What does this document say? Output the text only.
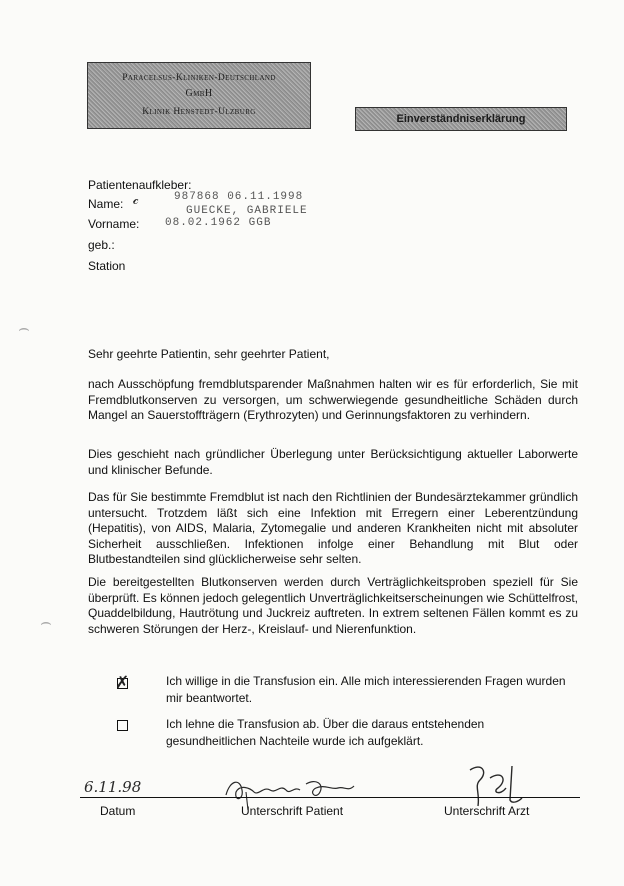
Paracelsus-Kliniken-Deutschland
GmbH
Klinik Henstedt-Ulzburg
Einverständniserklärung
Patientenaufkleber:
Name:
Vorname:
geb.:
Station
𝒸	987868 06.11.1998
GUECKE, GABRIELE
08.02.1962 GGB
⌢
⌢

Sehr geehrte Patientin, sehr geehrter Patient,

nach Ausschöpfung fremdblutsparender Maßnahmen halten wir es für erforderlich, Sie mit Fremdblutkonserven zu versorgen, um schwerwiegende gesundheitliche Schäden durch Mangel an Sauerstoffträgern (Erythrozyten) und Gerinnungsfaktoren zu verhindern.

Dies geschieht nach gründlicher Überlegung unter Berücksichtigung aktueller Laborwerte und klinischer Befunde.

Das für Sie bestimmte Fremdblut ist nach den Richtlinien der Bundesärztekammer gründlich untersucht. Trotzdem läßt sich eine Infektion mit Erregern einer Leberentzündung (Hepatitis), von AIDS, Malaria, Zytomegalie und anderen Krankheiten nicht mit absoluter Sicherheit ausschließen. Infektionen infolge einer Behandlung mit Blut oder Blutbestandteilen sind glücklicherweise sehr selten.

Die bereitgestellten Blutkonserven werden durch Verträglichkeitsproben speziell für Sie überprüft. Es können jedoch gelegentlich Unverträglichkeitserscheinungen wie Schüttelfrost, Quaddelbildung, Hautrötung und Juckreiz auftreten. In extrem seltenen Fällen kommt es zu schweren Störungen der Herz-, Kreislauf- und Nierenfunktion.

✗	Ich willige in die Transfusion ein. Alle mich interessierenden Fragen wurden mir beantwortet.

Ich lehne die Transfusion ab. Über die daraus entstehenden gesundheitlichen Nachteile wurde ich aufgeklärt.

6.11.98
Datum	Unterschrift Patient	Unterschrift Arzt
